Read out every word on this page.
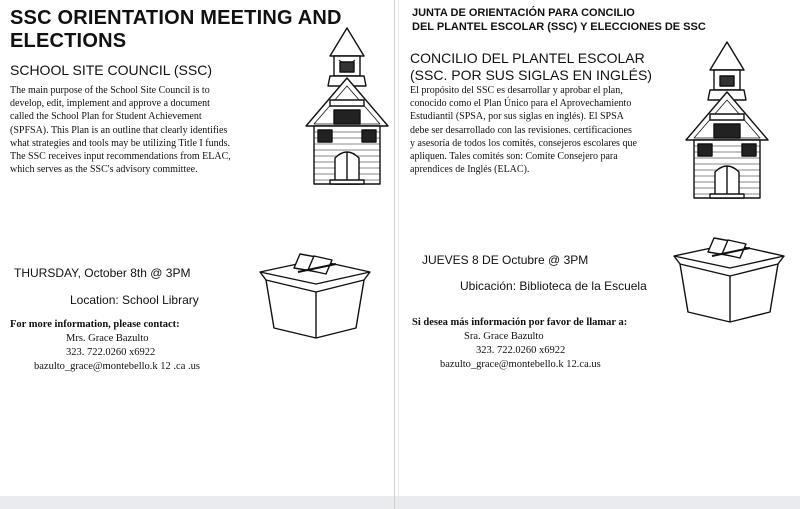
SSC ORIENTATION MEETING AND
ELECTIONS
SCHOOL SITE COUNCIL (SSC)
The main purpose of the School Site Council is to
develop, edit, implement and approve a document
called the School Plan for Student Achievement
(SPFSA). This Plan is an outline that clearly identifies
what strategies and tools may be utilizing Title I funds.
The SSC receives input recommendations from ELAC,
which serves as the SSC's advisory committee.
THURSDAY, October 8th @ 3PM
Location: School Library
For more information, please contact:
Mrs. Grace Bazulto
323. 722.0260 x6922
bazulto_grace@montebello.k 12 .ca .us
JUNTA DE ORIENTACIÓN PARA CONCILIO
DEL PLANTEL ESCOLAR (SSC) Y ELECCIONES DE SSC
CONCILIO DEL PLANTEL ESCOLAR
(SSC. POR SUS SIGLAS EN INGLÉS)
El propósito del SSC es desarrollar y aprobar el plan,
conocido como el Plan Único para el Aprovechamiento
Estudiantil (SPSA, por sus siglas en inglés). El SPSA
debe ser desarrollado con las revisiones. certificaciones
y asesoría de todos los comités, consejeros escolares que
apliquen. Tales comités son: Comite Consejero para
aprendices de Inglés (ELAC).
JUEVES 8 DE Octubre @ 3PM
Ubicación: Biblioteca de la Escuela
Si desea más información por favor de llamar a:
Sra. Grace Bazulto
323. 722.0260 x6922
bazulto_grace@montebello.k 12.ca.us
